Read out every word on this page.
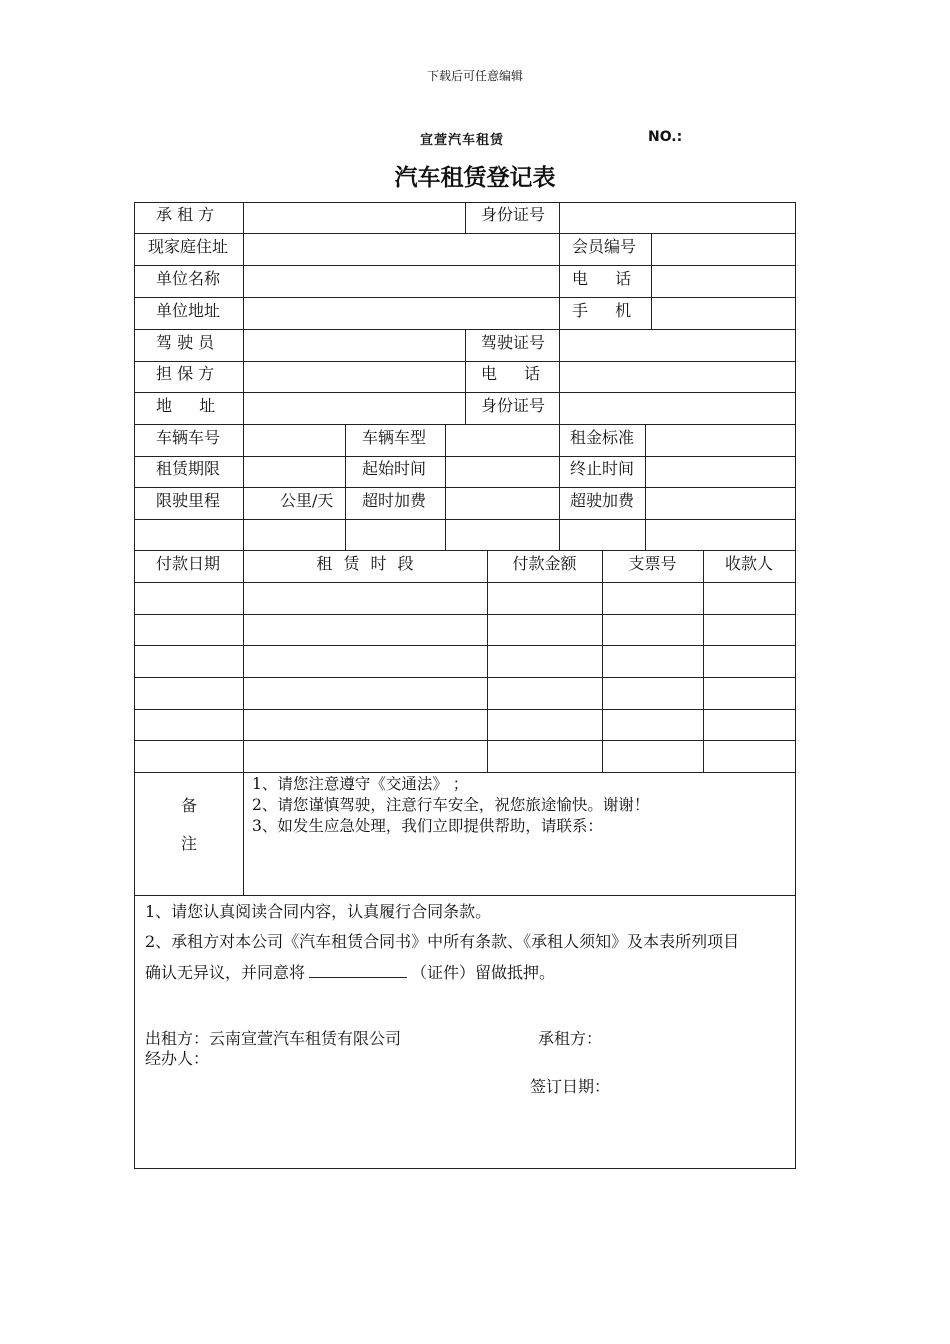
下载后可任意编辑
宣萱汽车租赁	NO.:
汽车租赁登记表
承 租 方	身份证号
现家庭住址	会员编号
单位名称	电 话
单位地址	手 机
驾 驶 员	驾驶证号
担 保 方	电 话
地 址	身份证号
车辆车号	车辆车型	租金标准
租赁期限	起始时间	终止时间
限驶里程	公里/天 超时加费	超驶加费
付款日期	租 赁 时 段	付款金额	支票号	收款人
备
注
1、请您注意遵守《交通法》 ；
2、请您谨慎驾驶，注意行车安全，祝您旅途愉快。谢谢！
3、如发生应急处理，我们立即提供帮助，请联系：
1、请您认真阅读合同内容，认真履行合同条款。
2、承租方对本公司《汽车租赁合同书》中所有条款、《承租人须知》及本表所列项目
确认无异议，并同意将	（证件）留做抵押。
出租方：云南宣萱汽车租赁有限公司	承租方：
经办人：
签订日期：
